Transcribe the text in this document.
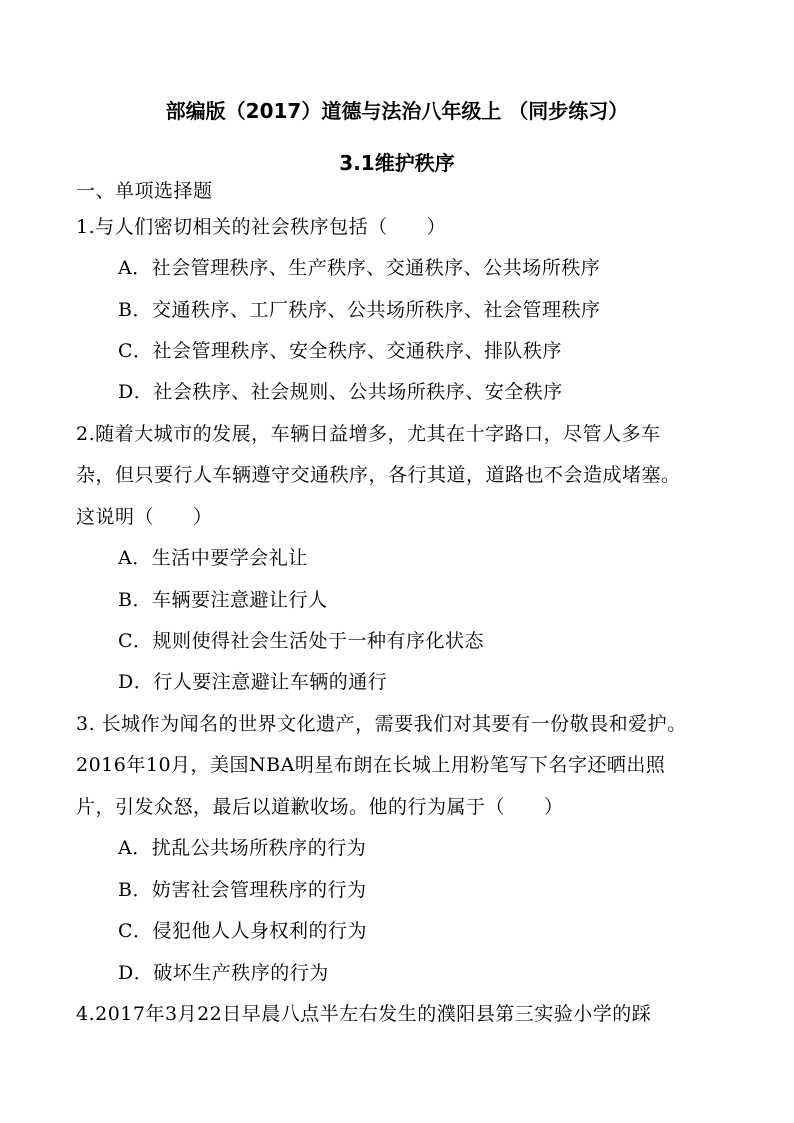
部编版（2017）道德与法治八年级上 （同步练习）
3.1维护秩序
一、单项选择题
1.与人们密切相关的社会秩序包括（　　）
A．社会管理秩序、生产秩序、交通秩序、公共场所秩序
B．交通秩序、工厂秩序、公共场所秩序、社会管理秩序
C．社会管理秩序、安全秩序、交通秩序、排队秩序
D．社会秩序、社会规则、公共场所秩序、安全秩序
2.随着大城市的发展，车辆日益增多，尤其在十字路口，尽管人多车
杂，但只要行人车辆遵守交通秩序，各行其道，道路也不会造成堵塞。
这说明（　　）
A．生活中要学会礼让
B．车辆要注意避让行人
C．规则使得社会生活处于一种有序化状态
D．行人要注意避让车辆的通行
3. 长城作为闻名的世界文化遗产，需要我们对其要有一份敬畏和爱护。
2016年10月，美国NBA明星布朗在长城上用粉笔写下名字还晒出照
片，引发众怒，最后以道歉收场。他的行为属于（　　）
A．扰乱公共场所秩序的行为
B．妨害社会管理秩序的行为
C．侵犯他人人身权利的行为
D．破坏生产秩序的行为
4.2017年3月22日早晨八点半左右发生的濮阳县第三实验小学的踩
